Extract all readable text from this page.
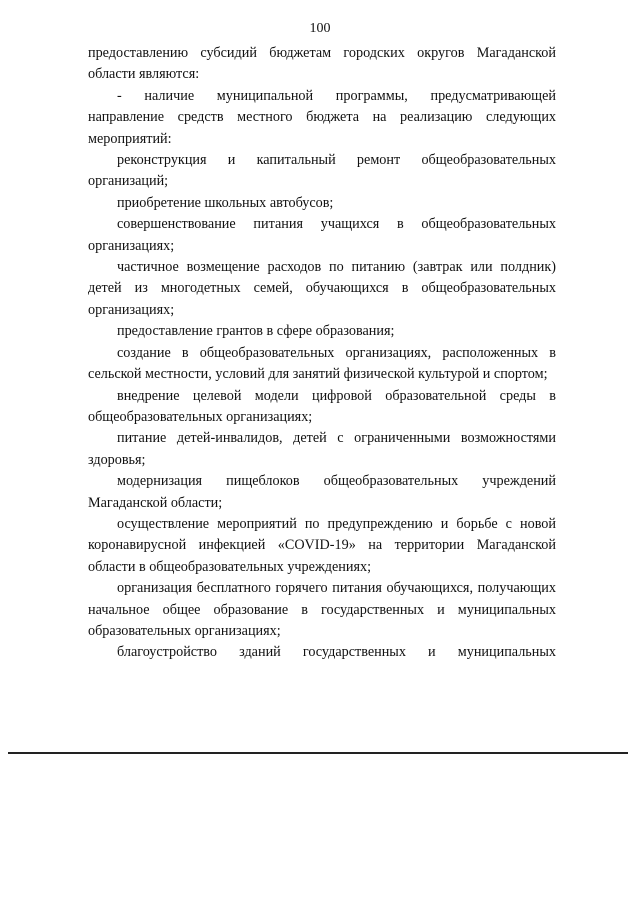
100

предоставлению субсидий бюджетам городских округов Магаданской области являются:

- наличие муниципальной программы, предусматривающей направление средств местного бюджета на реализацию следующих мероприятий:

реконструкция и капитальный ремонт общеобразовательных организаций;

приобретение школьных автобусов;

совершенствование питания учащихся в общеобразовательных организациях;

частичное возмещение расходов по питанию (завтрак или полдник) детей из многодетных семей, обучающихся в общеобразовательных организациях;

предоставление грантов в сфере образования;

создание в общеобразовательных организациях, расположенных в сельской местности, условий для занятий физической культурой и спортом;

внедрение целевой модели цифровой образовательной среды в общеобразовательных организациях;

питание детей-инвалидов, детей с ограниченными возможностями здоровья;

модернизация пищеблоков общеобразовательных учреждений Магаданской области;

осуществление мероприятий по предупреждению и борьбе с новой коронавирусной инфекцией «COVID-19» на территории Магаданской области в общеобразовательных учреждениях;

организация бесплатного горячего питания обучающихся, получающих начальное общее образование в государственных и муниципальных образовательных организациях;

благоустройство зданий государственных и муниципальных
